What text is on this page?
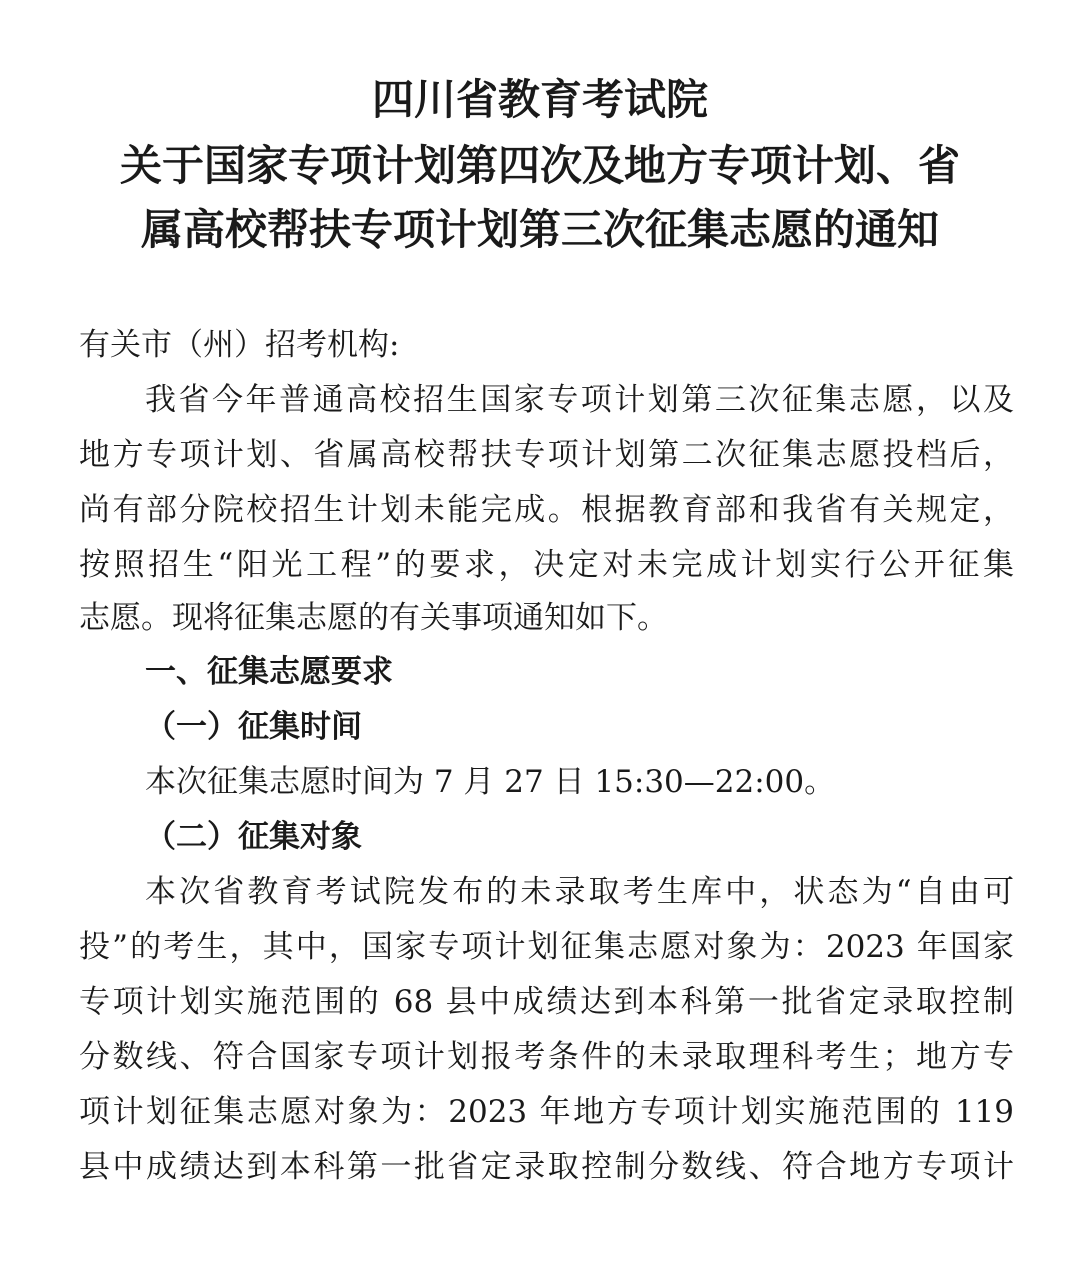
四川省教育考试院
关于国家专项计划第四次及地方专项计划、省
属高校帮扶专项计划第三次征集志愿的通知

有关市（州）招考机构:

我省今年普通高校招生国家专项计划第三次征集志愿，以及

地方专项计划、省属高校帮扶专项计划第二次征集志愿投档后，

尚有部分院校招生计划未能完成。根据教育部和我省有关规定，

按照招生“阳光工程”的要求，决定对未完成计划实行公开征集

志愿。现将征集志愿的有关事项通知如下。

一、征集志愿要求

（一）征集时间

本次征集志愿时间为 7 月 27 日 15:30—22:00。

（二）征集对象

本次省教育考试院发布的未录取考生库中，状态为“自由可

投”的考生，其中，国家专项计划征集志愿对象为：2023 年国家

专项计划实施范围的 68 县中成绩达到本科第一批省定录取控制

分数线、符合国家专项计划报考条件的未录取理科考生；地方专

项计划征集志愿对象为：2023 年地方专项计划实施范围的 119

县中成绩达到本科第一批省定录取控制分数线、符合地方专项计
